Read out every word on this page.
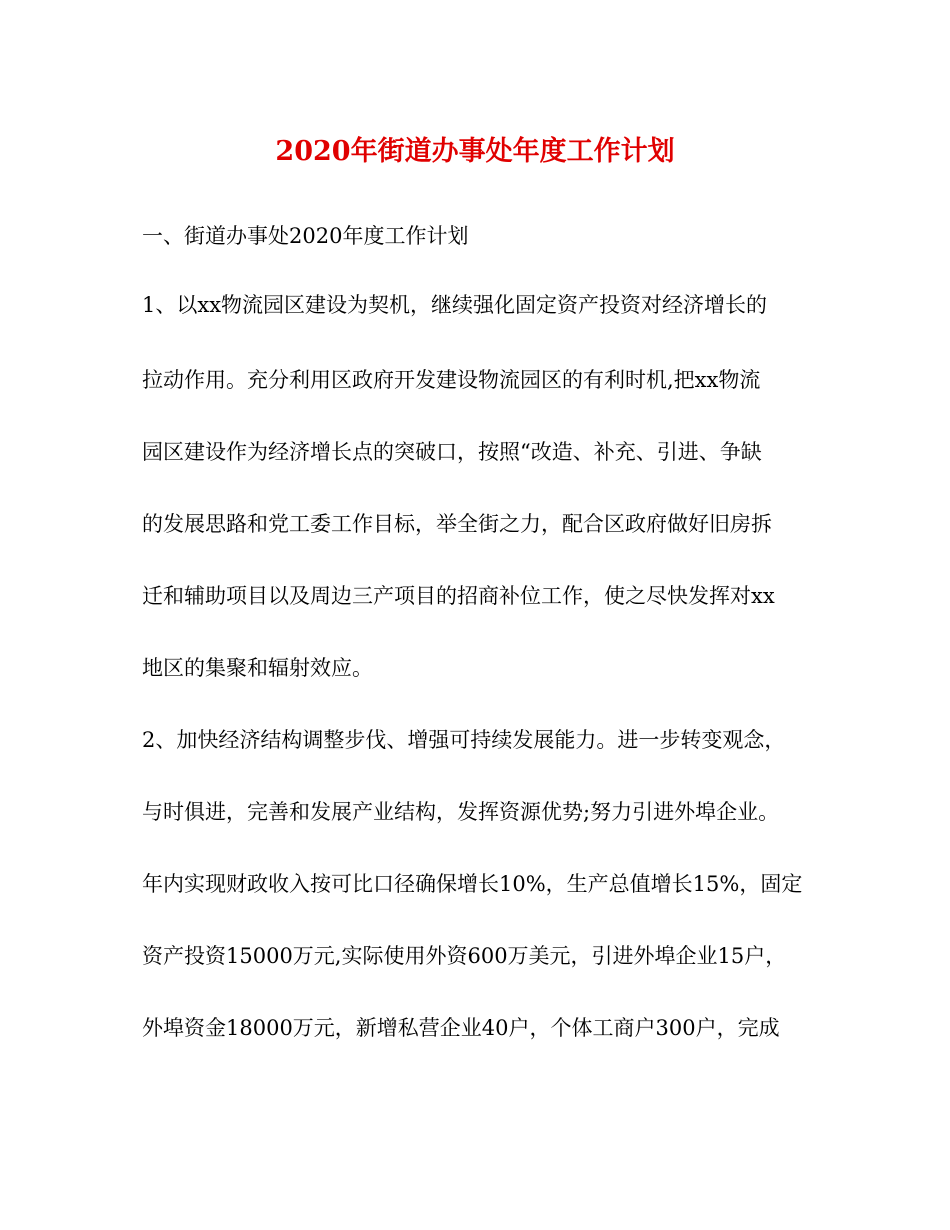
2020年街道办事处年度工作计划
一、街道办事处2020年度工作计划
1、以xx物流园区建设为契机，继续强化固定资产投资对经济增长的
拉动作用。充分利用区政府开发建设物流园区的有利时机,把xx物流
园区建设作为经济增长点的突破口，按照“改造、补充、引进、争缺
的发展思路和党工委工作目标，举全街之力，配合区政府做好旧房拆
迁和辅助项目以及周边三产项目的招商补位工作，使之尽快发挥对xx
地区的集聚和辐射效应。
2、加快经济结构调整步伐、增强可持续发展能力。进一步转变观念，
与时俱进，完善和发展产业结构，发挥资源优势;努力引进外埠企业。
年内实现财政收入按可比口径确保增长10%，生产总值增长15%，固定
资产投资15000万元,实际使用外资600万美元，引进外埠企业15户，
外埠资金18000万元，新增私营企业40户，个体工商户300户，完成
